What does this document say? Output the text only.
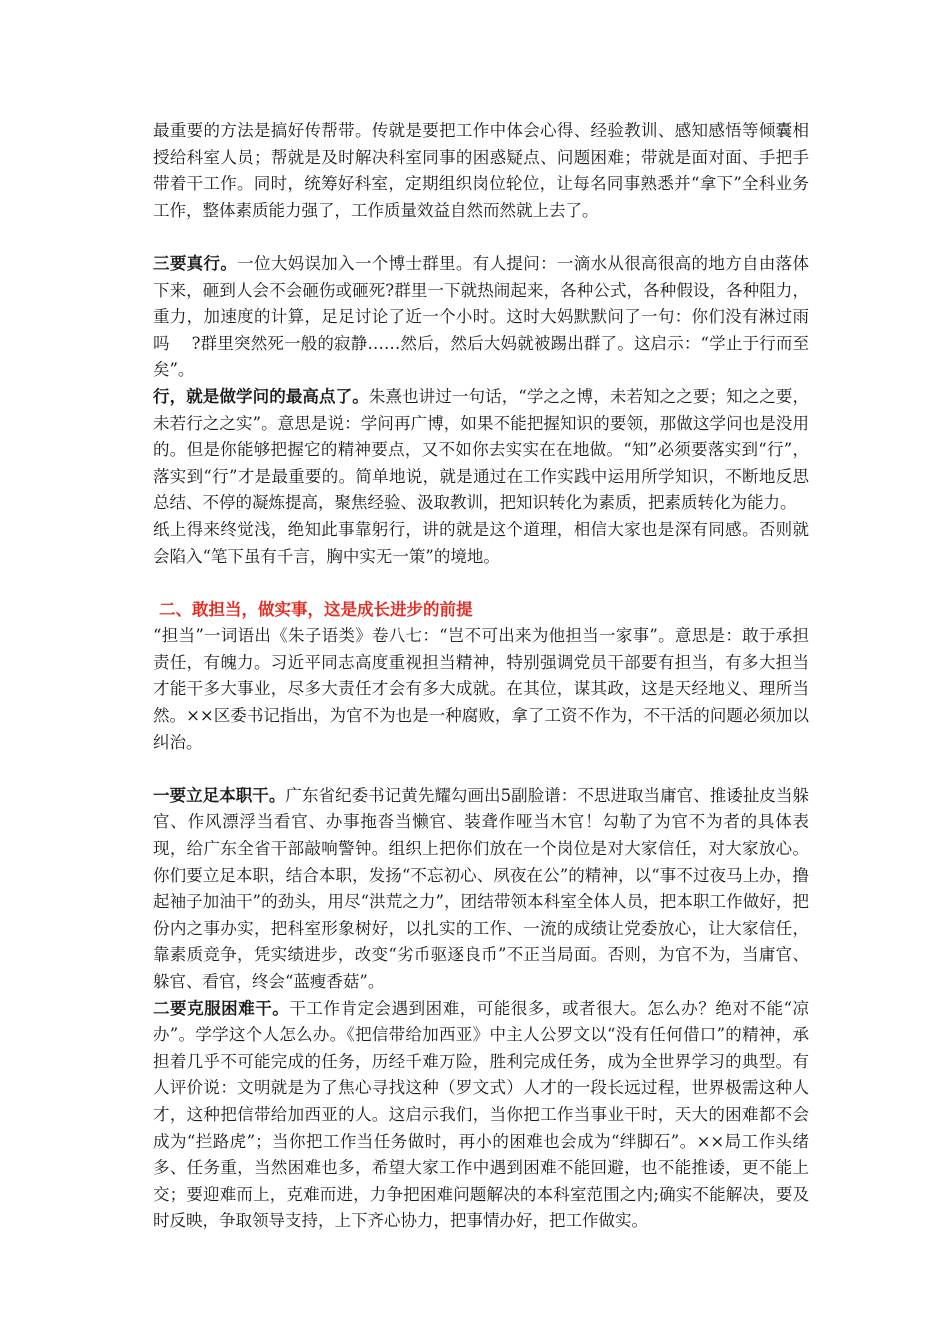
最重要的方法是搞好传帮带。传就是要把工作中体会心得、经验教训、感知感悟等倾囊相授给科室人员；帮就是及时解决科室同事的困惑疑点、问题困难；带就是面对面、手把手带着干工作。同时，统筹好科室，定期组织岗位轮位，让每名同事熟悉并“拿下”全科业务工作，整体素质能力强了，工作质量效益自然而然就上去了。

三要真行。一位大妈误加入一个博士群里。有人提问：一滴水从很高很高的地方自由落体下来，砸到人会不会砸伤或砸死?群里一下就热闹起来，各种公式，各种假设，各种阻力，重力，加速度的计算，足足讨论了近一个小时。这时大妈默默问了一句：你们没有淋过雨吗 ?群里突然死一般的寂静……然后，然后大妈就被踢出群了。这启示：“学止于行而至矣”。

行，就是做学问的最高点了。朱熹也讲过一句话，“学之之博，未若知之之要；知之之要，未若行之之实”。意思是说：学问再广博，如果不能把握知识的要领，那做这学问也是没用的。但是你能够把握它的精神要点，又不如你去实实在在地做。“知”必须要落实到“行”，落实到“行”才是最重要的。简单地说，就是通过在工作实践中运用所学知识，不断地反思总结、不停的凝炼提高，聚焦经验、汲取教训，把知识转化为素质，把素质转化为能力。

纸上得来终觉浅，绝知此事靠躬行，讲的就是这个道理，相信大家也是深有同感。否则就会陷入“笔下虽有千言，胸中实无一策”的境地。

二、敢担当，做实事，这是成长进步的前提

“担当”一词语出《朱子语类》卷八七：“岂不可出来为他担当一家事”。意思是：敢于承担责任，有魄力。习近平同志高度重视担当精神，特别强调党员干部要有担当，有多大担当才能干多大事业，尽多大责任才会有多大成就。在其位，谋其政，这是天经地义、理所当然。××区委书记指出，为官不为也是一种腐败，拿了工资不作为，不干活的问题必须加以纠治。

一要立足本职干。广东省纪委书记黄先耀勾画出5副脸谱：不思进取当庸官、推诿扯皮当躲官、作风漂浮当看官、办事拖沓当懒官、装聋作哑当木官！勾勒了为官不为者的具体表现，给广东全省干部敲响警钟。组织上把你们放在一个岗位是对大家信任，对大家放心。你们要立足本职，结合本职，发扬“不忘初心、夙夜在公”的精神，以“事不过夜马上办，撸起袖子加油干”的劲头，用尽“洪荒之力”，团结带领本科室全体人员，把本职工作做好，把份内之事办实，把科室形象树好，以扎实的工作、一流的成绩让党委放心，让大家信任，靠素质竞争，凭实绩进步，改变“劣币驱逐良币”不正当局面。否则，为官不为，当庸官、躲官、看官，终会“蓝瘦香菇”。

二要克服困难干。干工作肯定会遇到困难，可能很多，或者很大。怎么办？绝对不能“凉办”。学学这个人怎么办。《把信带给加西亚》中主人公罗文以“没有任何借口”的精神，承担着几乎不可能完成的任务，历经千难万险，胜利完成任务，成为全世界学习的典型。有人评价说：文明就是为了焦心寻找这种（罗文式）人才的一段长远过程，世界极需这种人才，这种把信带给加西亚的人。这启示我们，当你把工作当事业干时，天大的困难都不会成为“拦路虎”；当你把工作当任务做时，再小的困难也会成为“绊脚石”。××局工作头绪多、任务重，当然困难也多，希望大家工作中遇到困难不能回避，也不能推诿，更不能上交；要迎难而上，克难而进，力争把困难问题解决的本科室范围之内;确实不能解决，要及时反映，争取领导支持，上下齐心协力，把事情办好，把工作做实。
